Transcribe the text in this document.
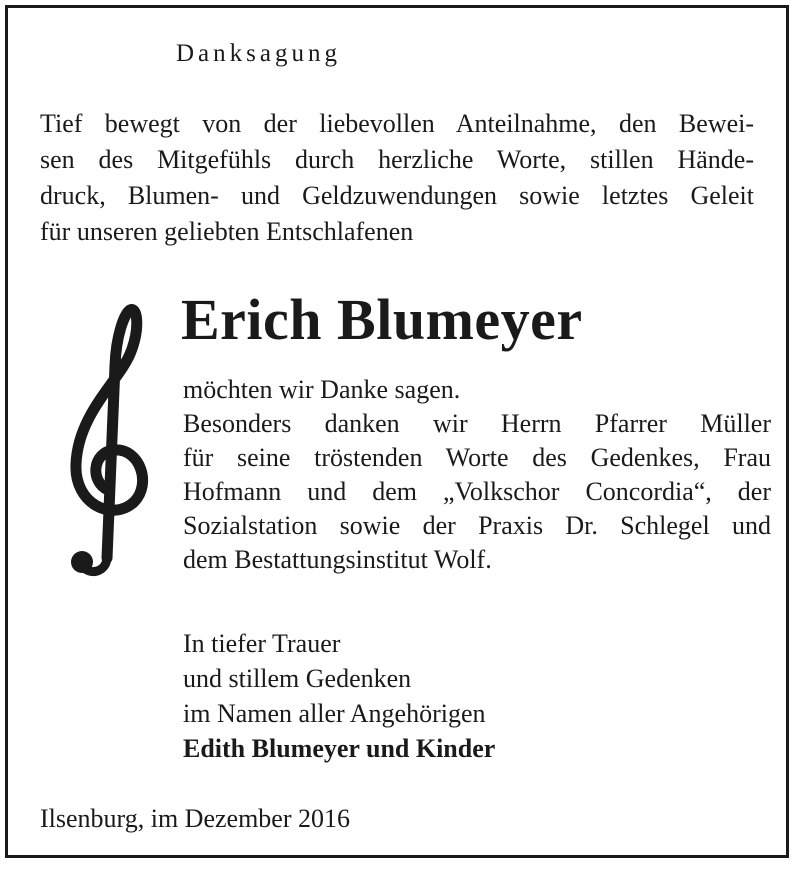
Danksagung

Tief bewegt von der liebevollen Anteilnahme, den Bewei-
sen des Mitgefühls durch herzliche Worte, stillen Hände-
druck, Blumen- und Geldzuwendungen sowie letztes Geleit
für unseren geliebten Entschlafenen

Erich Blumeyer

möchten wir Danke sagen.
Besonders danken wir Herrn Pfarrer Müller
für seine tröstenden Worte des Gedenkes, Frau
Hofmann und dem „Volkschor Concordia“, der
Sozialstation sowie der Praxis Dr. Schlegel und
dem Bestattungsinstitut Wolf.

In tiefer Trauer
und stillem Gedenken
im Namen aller Angehörigen
Edith Blumeyer und Kinder

Ilsenburg, im Dezember 2016
